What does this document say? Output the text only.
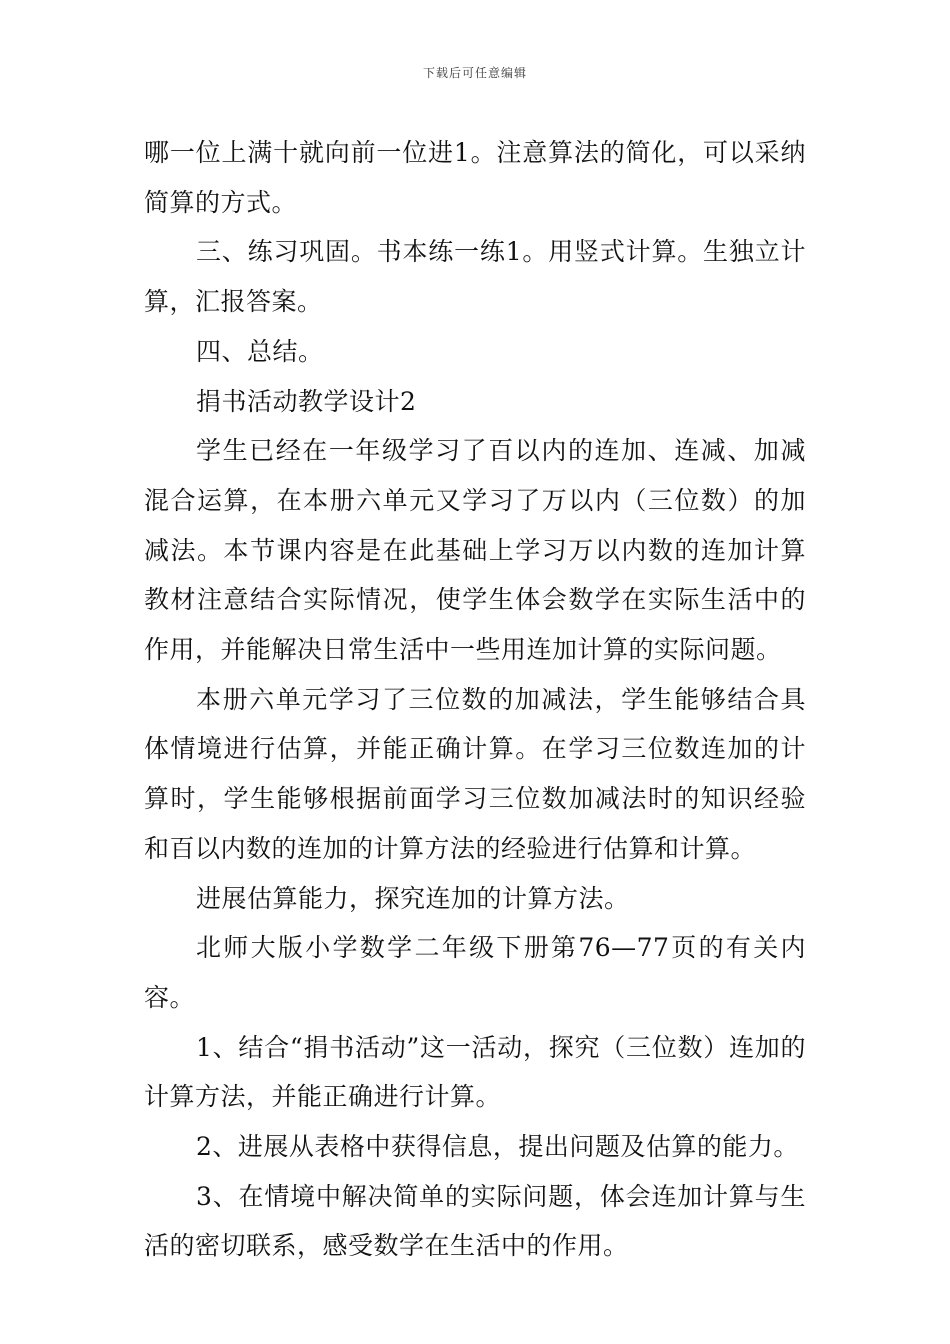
下载后可任意编辑

哪一位上满十就向前一位进1。注意算法的简化，可以采纳简算的方式。

三、练习巩固。书本练一练1。用竖式计算。生独立计算，汇报答案。

四、总结。

捐书活动教学设计2

学生已经在一年级学习了百以内的连加、连减、加减混合运算，在本册六单元又学习了万以内（三位数）的加减法。本节课内容是在此基础上学习万以内数的连加计算教材注意结合实际情况，使学生体会数学在实际生活中的作用，并能解决日常生活中一些用连加计算的实际问题。

本册六单元学习了三位数的加减法，学生能够结合具体情境进行估算，并能正确计算。在学习三位数连加的计算时，学生能够根据前面学习三位数加减法时的知识经验和百以内数的连加的计算方法的经验进行估算和计算。

进展估算能力，探究连加的计算方法。

北师大版小学数学二年级下册第76—77页的有关内容。

1、结合“捐书活动”这一活动，探究（三位数）连加的计算方法，并能正确进行计算。

2、进展从表格中获得信息，提出问题及估算的能力。

3、在情境中解决简单的实际问题，体会连加计算与生活的密切联系，感受数学在生活中的作用。
